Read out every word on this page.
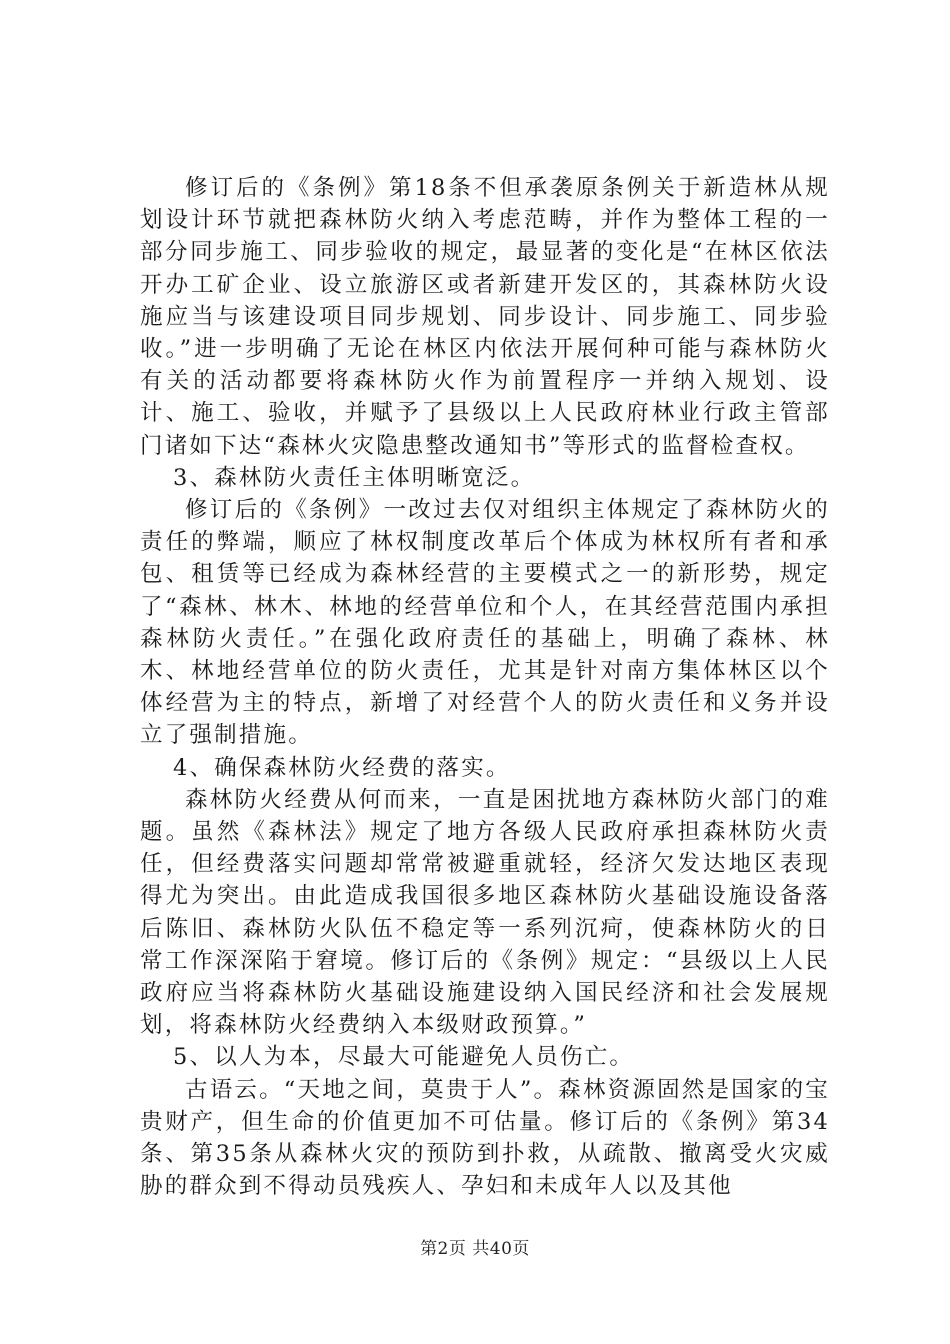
修订后的《条例》第18条不但承袭原条例关于新造林从规划设计环节就把森林防火纳入考虑范畴，并作为整体工程的一部分同步施工、同步验收的规定，最显著的变化是“在林区依法开办工矿企业、设立旅游区或者新建开发区的，其森林防火设施应当与该建设项目同步规划、同步设计、同步施工、同步验收。”进一步明确了无论在林区内依法开展何种可能与森林防火有关的活动都要将森林防火作为前置程序一并纳入规划、设计、施工、验收，并赋予了县级以上人民政府林业行政主管部门诸如下达“森林火灾隐患整改通知书”等形式的监督检查权。

3、森林防火责任主体明晰宽泛。

修订后的《条例》一改过去仅对组织主体规定了森林防火的责任的弊端，顺应了林权制度改革后个体成为林权所有者和承包、租赁等已经成为森林经营的主要模式之一的新形势，规定了“森林、林木、林地的经营单位和个人，在其经营范围内承担森林防火责任。”在强化政府责任的基础上，明确了森林、林木、林地经营单位的防火责任，尤其是针对南方集体林区以个体经营为主的特点，新增了对经营个人的防火责任和义务并设立了强制措施。

4、确保森林防火经费的落实。

森林防火经费从何而来，一直是困扰地方森林防火部门的难题。虽然《森林法》规定了地方各级人民政府承担森林防火责任，但经费落实问题却常常被避重就轻，经济欠发达地区表现得尤为突出。由此造成我国很多地区森林防火基础设施设备落后陈旧、森林防火队伍不稳定等一系列沉疴，使森林防火的日常工作深深陷于窘境。修订后的《条例》规定：“县级以上人民政府应当将森林防火基础设施建设纳入国民经济和社会发展规划，将森林防火经费纳入本级财政预算。”

5、以人为本，尽最大可能避免人员伤亡。

古语云。“天地之间，莫贵于人”。森林资源固然是国家的宝贵财产，但生命的价值更加不可估量。修订后的《条例》第34条、第35条从森林火灾的预防到扑救，从疏散、撤离受火灾威胁的群众到不得动员残疾人、孕妇和未成年人以及其他

第2页 共40页
